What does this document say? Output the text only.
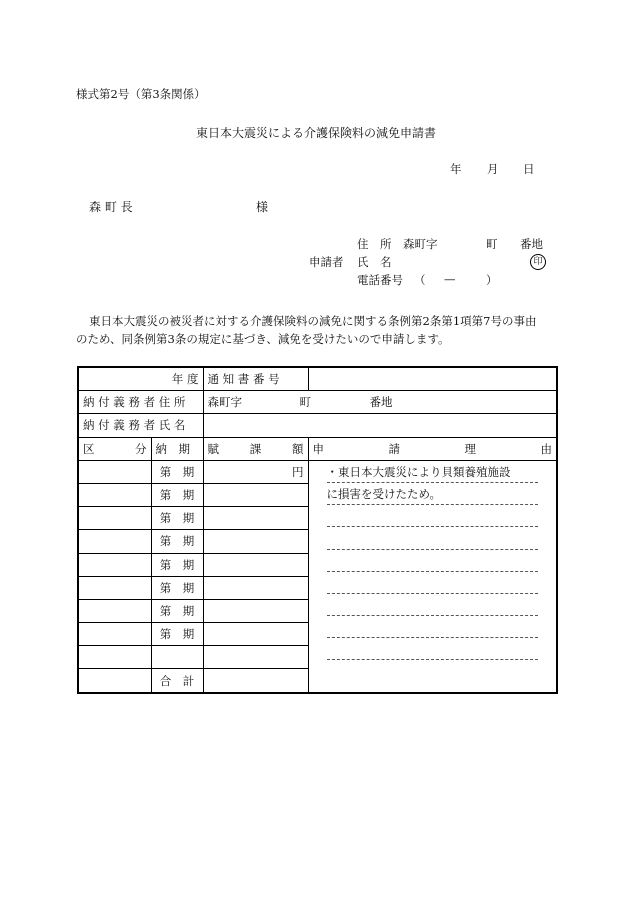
様式第2号（第3条関係）
東日本大震災による介護保険料の減免申請書
年 月 日
森 町 長	様
住　所 森町字	町 番地
申請者 氏　名	印
電話番号 （ —	）
東日本大震災の被災者に対する介護保険料の減免に関する条例第2条第1項第7号の事由
のため、同条例第3条の規定に基づき、減免を受けたいので申請します。
年 度		通 知 書 番 号	
納 付 義 務 者 住 所		森町字 町 番地	

納 付 義 務 者 氏 名			

区 分	納　期	賦 課 額	申 請 理 由

	第　期	円	・東日本大震災により貝類養殖施設
に損害を受けたため。

	第　期		
	第　期		
	第　期		
	第　期		
	第　期		
	第　期		
	第　期		

	合　計		
